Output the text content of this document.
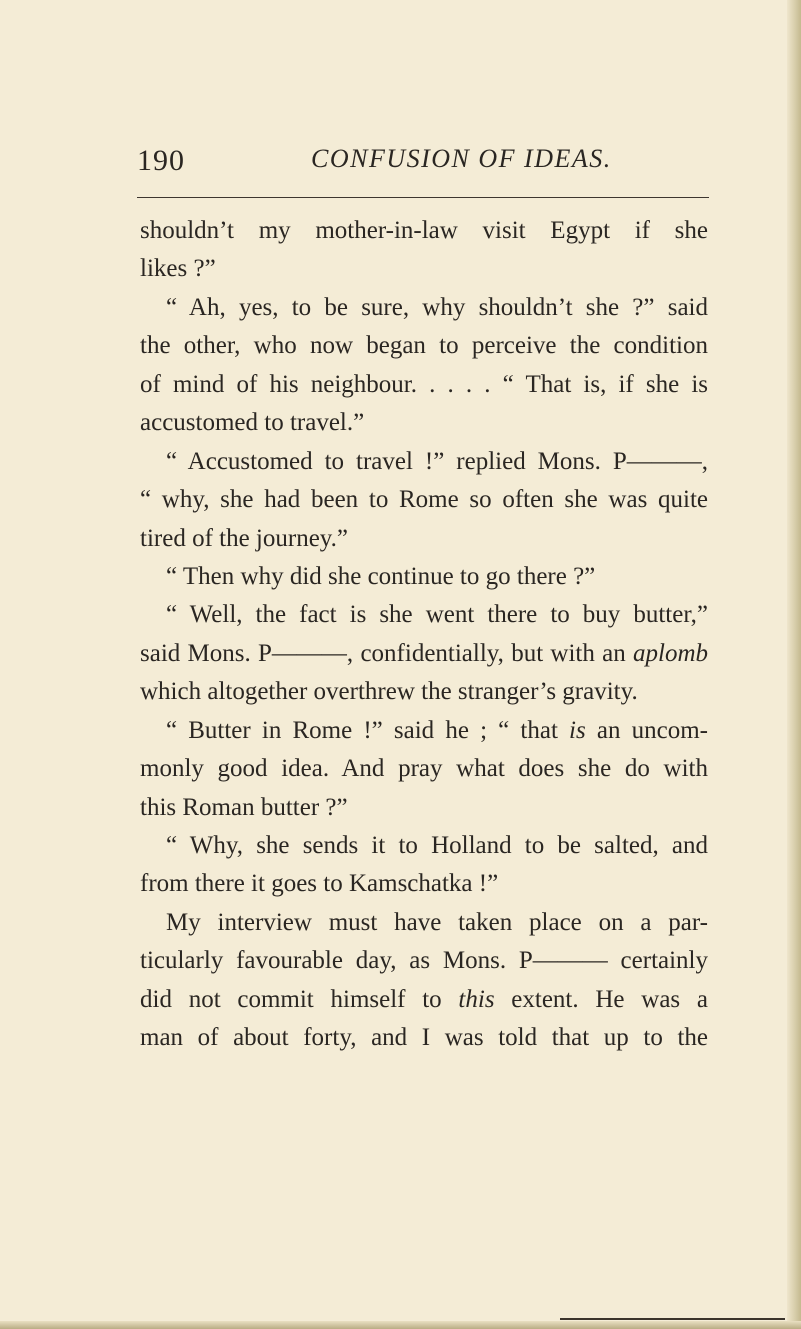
190	CONFUSION OF IDEAS.
shouldn’t my mother-in-law visit Egypt if she
likes ?”
“ Ah, yes, to be sure, why shouldn’t she ?” said
the other, who now began to perceive the condition
of mind of his neighbour. . . . . “ That is, if she is
accustomed to travel.”
“ Accustomed to travel !” replied Mons. P———,
“ why, she had been to Rome so often she was quite
tired of the journey.”
“ Then why did she continue to go there ?”
“ Well, the fact is she went there to buy butter,”
said Mons. P———, confidentially, but with an aplomb
which altogether overthrew the stranger’s gravity.
“ Butter in Rome !” said he ; “ that is an uncom-
monly good idea. And pray what does she do with
this Roman butter ?”
“ Why, she sends it to Holland to be salted, and
from there it goes to Kamschatka !”
My interview must have taken place on a par-
ticularly favourable day, as Mons. P——— certainly
did not commit himself to this extent. He was a
man of about forty, and I was told that up to the
